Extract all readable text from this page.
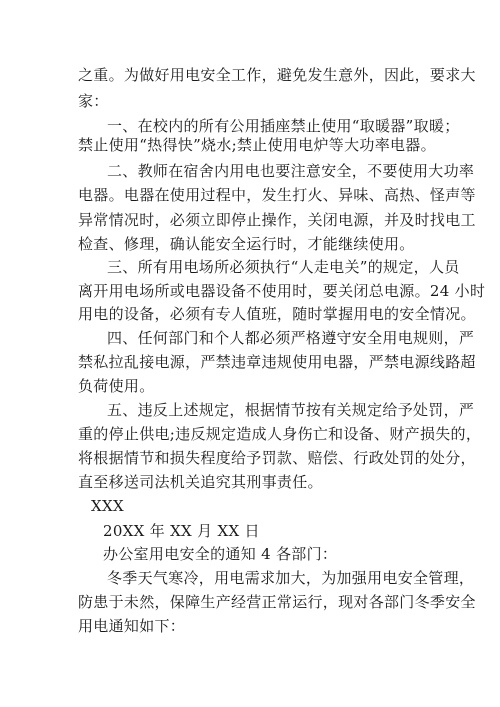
之重。为做好用电安全工作，避免发生意外，因此，要求大
家：
一、在校内的所有公用插座禁止使用“取暖器”取暖；
禁止使用“热得快”烧水;禁止使用电炉等大功率电器。
二、教师在宿舍内用电也要注意安全，不要使用大功率
电器。电器在使用过程中，发生打火、异味、高热、怪声等
异常情况时，必须立即停止操作，关闭电源，并及时找电工
检查、修理，确认能安全运行时，才能继续使用。
三、所有用电场所必须执行“人走电关”的规定，人员
离开用电场所或电器设备不使用时，要关闭总电源。24 小时
用电的设备，必须有专人值班，随时掌握用电的安全情况。
四、任何部门和个人都必须严格遵守安全用电规则，严
禁私拉乱接电源，严禁违章违规使用电器，严禁电源线路超
负荷使用。
五、违反上述规定，根据情节按有关规定给予处罚，严
重的停止供电;违反规定造成人身伤亡和设备、财产损失的，
将根据情节和损失程度给予罚款、赔偿、行政处罚的处分，
直至移送司法机关追究其刑事责任。
XXX
20XX 年 XX 月 XX 日
办公室用电安全的通知 4 各部门：
冬季天气寒冷，用电需求加大，为加强用电安全管理，
防患于未然，保障生产经营正常运行，现对各部门冬季安全
用电通知如下：
